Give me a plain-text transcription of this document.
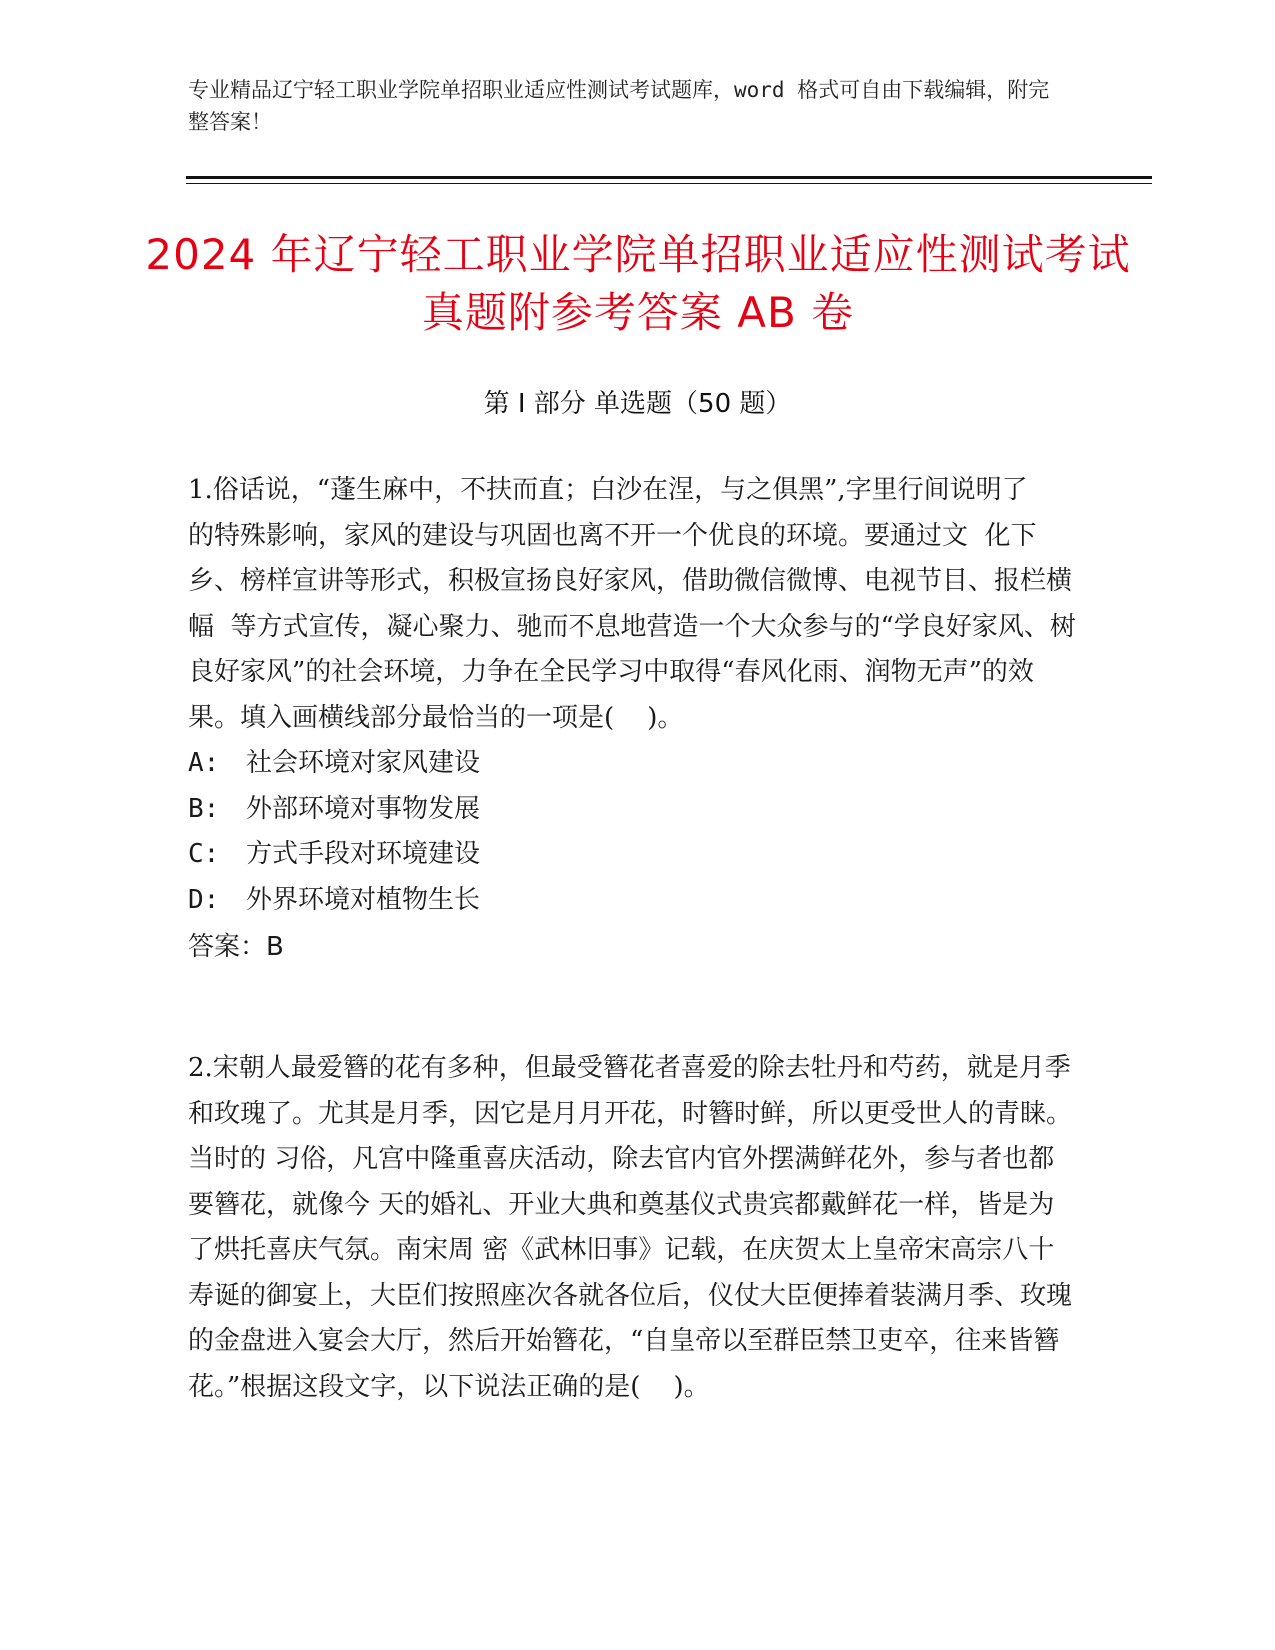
专业精品辽宁轻工职业学院单招职业适应性测试考试题库，word 格式可自由下载编辑，附完整答案！
2024 年辽宁轻工职业学院单招职业适应性测试考试真题附参考答案 AB 卷
第 I 部分 单选题（50 题）
1.俗话说，“蓬生麻中，不扶而直；白沙在涅，与之俱黑”,字里行间说明了        的特殊影响，家风的建设与巩固也离不开一个优良的环境。要通过文  化下乡、榜样宣讲等形式，积极宣扬良好家风，借助微信微博、电视节目、报栏横幅  等方式宣传，凝心聚力、驰而不息地营造一个大众参与的“学良好家风、树良好家风”的社会环境，力争在全民学习中取得“春风化雨、润物无声”的效果。填入画横线部分最恰当的一项是(    )。
A:	社会环境对家风建设
B:	外部环境对事物发展
C:	方式手段对环境建设
D:	外界环境对植物生长
答案：B
2.宋朝人最爱簪的花有多种，但最受簪花者喜爱的除去牡丹和芍药，就是月季 和玫瑰了。尤其是月季，因它是月月开花，时簪时鲜，所以更受世人的青睐。当时的 习俗，凡宫中隆重喜庆活动，除去官内官外摆满鲜花外，参与者也都要簪花，就像今 天的婚礼、开业大典和奠基仪式贵宾都戴鲜花一样，皆是为了烘托喜庆气氛。南宋周 密《武林旧事》记载，在庆贺太上皇帝宋高宗八十寿诞的御宴上，大臣们按照座次各就各位后，仪仗大臣便捧着装满月季、玫瑰的金盘进入宴会大厅，然后开始簪花，“自皇帝以至群臣禁卫吏卒，往来皆簪花。”根据这段文字，以下说法正确的是(    )。
